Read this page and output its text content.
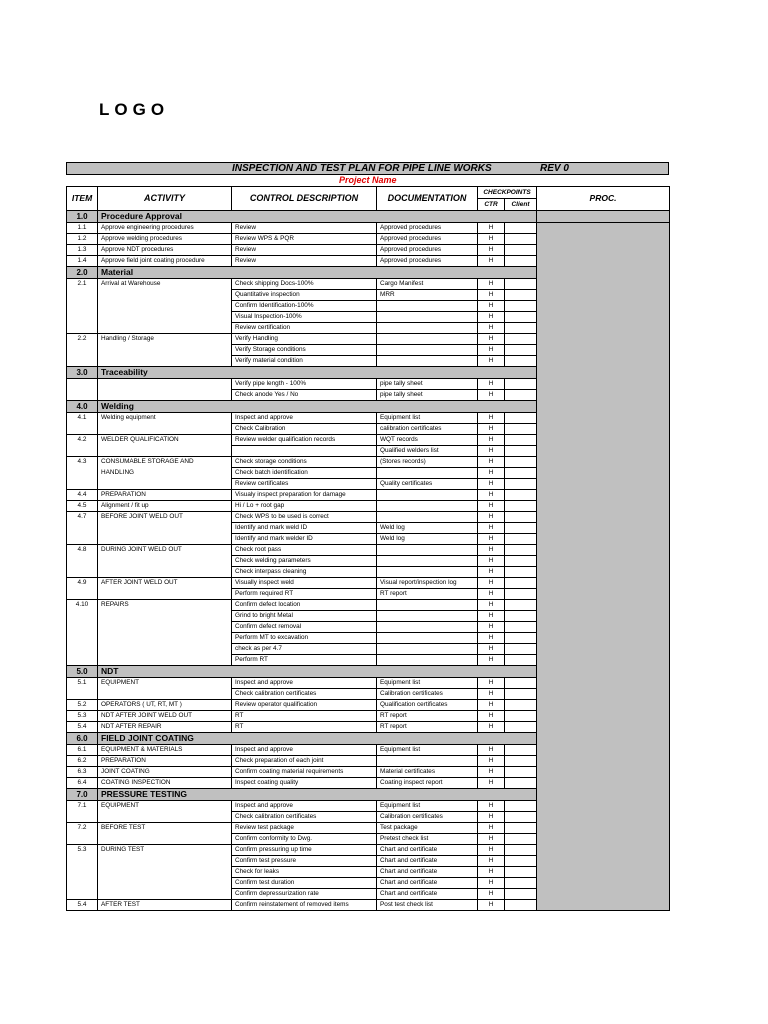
LOGO
INSPECTION AND TEST PLAN FOR PIPE LINE WORKS	REV 0
Project Name
ITEM	ACTIVITY	CONTROL DESCRIPTION	DOCUMENTATION	CHECKPOINTS		PROC.
				CTR	Client	
1.0	Procedure Approval					
1.1	Approve engineering procedures	Review	Approved procedures	H		
1.2	Approve welding procedures	Review WPS & PQR	Approved procedures	H		
1.3	Approve NDT procedures	Review	Approved procedures	H		
1.4	Approve field joint coating procedure	Review	Approved procedures	H		
2.0	Material					
2.1	Arrival at Warehouse	Check shipping Docs-100%	Cargo Manifest	H		
		Quantitative inspection	MRR	H		
		Confirm Identification-100%		H		
		Visual Inspection-100%		H		
		Review certification		H		
2.2	Handling / Storage	Verify Handling		H		
		Verify Storage conditions		H		
		Verify material condition		H		
3.0	Traceability					
		Verify pipe length - 100%	pipe tally sheet	H		
		Check anode Yes / No	pipe tally sheet	H		
4.0	Welding					
4.1	Welding equipment	Inspect and approve	Equipment list	H		
		Check Calibration	calibration certificates	H		
4.2	WELDER QUALIFICATION	Review welder qualification records	WQT records	H		
			Qualified welders list	H		
4.3	CONSUMABLE STORAGE AND	Check storage conditions	(Stores records)	H		
	HANDLING	Check batch identification		H		
		Review certificates	Quality certificates	H		
4.4	PREPARATION	Visualy inspect preparation for damage		H		
4.5	Alignment / fit up	Hi / Lo + root gap		H		
4.7	BEFORE JOINT WELD OUT	Check WPS to be used is correct		H		
		Identify and mark weld ID	Weld log	H		
		Identify and mark welder ID	Weld log	H		
4.8	DURING JOINT WELD OUT	Check root pass		H		
		Check welding parameters		H		
		Check interpass cleaning		H		
4.9	AFTER JOINT WELD OUT	Visually inspect weld	Visual report/inspection log	H		
		Perform required RT	RT report	H		
4.10	REPAIRS	Confirm defect location		H		
		Grind to bright Metal		H		
		Confirm defect removal		H		
		Perform MT to excavation		H		
		check as per 4.7		H		
		Perform RT		H		
5.0	NDT					
5.1	EQUIPMENT	Inspect and approve	Equipment list	H		
		Check calibration certificates	Calibration certificates	H		
5.2	OPERATORS ( UT, RT, MT )	Review operator qualification	Qualification certificates	H		
5.3	NDT AFTER JOINT WELD OUT	RT	RT report	H		
5.4	NDT AFTER REPAIR	RT	RT report	H		
6.0	FIELD JOINT COATING					
6.1	EQUIPMENT & MATERIALS	Inspect and approve	Equipment list	H		
6.2	PREPARATION	Check preparation of each joint		H		
6.3	JOINT COATING	Confirm coating material requirements	Material certificates	H		
6.4	COATING INSPECTION	Inspect coating quality	Coating inspect report	H		
7.0	PRESSURE TESTING					
7.1	EQUIPMENT	Inspect and approve	Equipment list	H		
		Check calibration certificates	Calibration certificates	H		
7.2	BEFORE TEST	Review test package	Test package	H		
		Confirm conformity to Dwg.	Pretest check list	H		
5.3	DURING TEST	Confirm pressuring up time	Chart and certificate	H		
		Confirm test pressure	Chart and certificate	H		
		Check for leaks	Chart and certificate	H		
		Confirm test duration	Chart and certificate	H		
		Confirm depressurization rate	Chart and certificate	H		
5.4	AFTER TEST	Confirm reinstatement of removed items	Post test check list	H		
